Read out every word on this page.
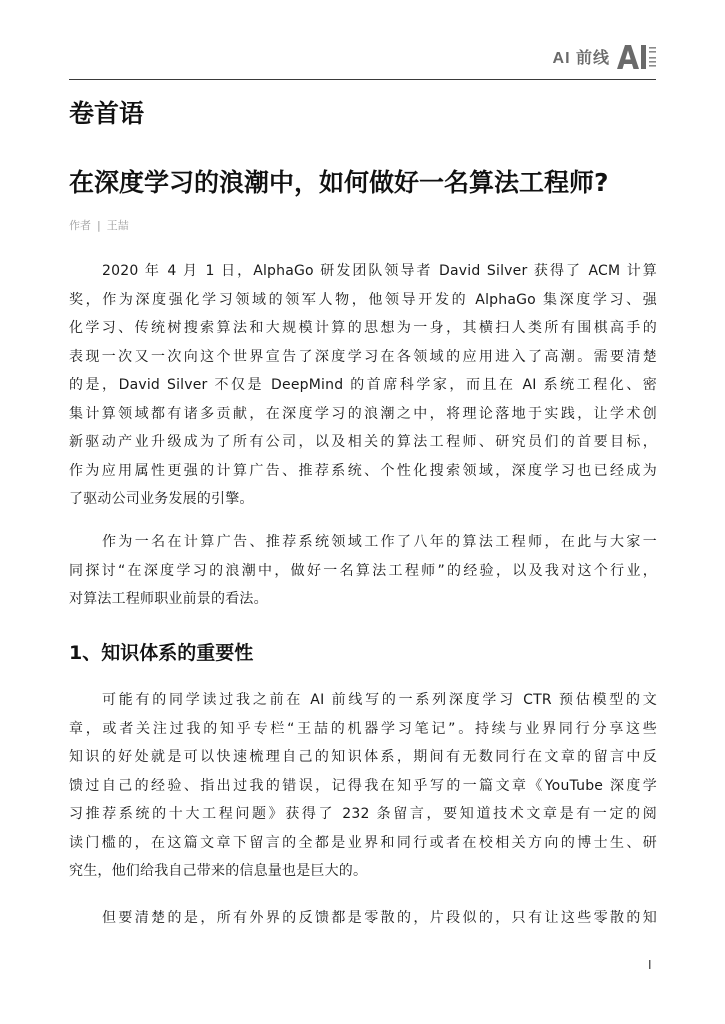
AI 前线
卷首语
在深度学习的浪潮中，如何做好一名算法工程师?
作者 | 王喆
2020 年 4 月 1 日，AlphaGo 研发团队领导者 David Silver 获得了 ACM 计算
奖，作为深度强化学习领域的领军人物，他领导开发的 AlphaGo 集深度学习、强
化学习、传统树搜索算法和大规模计算的思想为一身，其横扫人类所有围棋高手的
表现一次又一次向这个世界宣告了深度学习在各领域的应用进入了高潮。需要清楚
的是，David Silver 不仅是 DeepMind 的首席科学家，而且在 AI 系统工程化、密
集计算领域都有诸多贡献，在深度学习的浪潮之中，将理论落地于实践，让学术创
新驱动产业升级成为了所有公司，以及相关的算法工程师、研究员们的首要目标，
作为应用属性更强的计算广告、推荐系统、个性化搜索领域，深度学习也已经成为
了驱动公司业务发展的引擎。
作为一名在计算广告、推荐系统领域工作了八年的算法工程师，在此与大家一
同探讨“在深度学习的浪潮中，做好一名算法工程师”的经验，以及我对这个行业，
对算法工程师职业前景的看法。
1、知识体系的重要性
可能有的同学读过我之前在 AI 前线写的一系列深度学习 CTR 预估模型的文
章，或者关注过我的知乎专栏“王喆的机器学习笔记”。持续与业界同行分享这些
知识的好处就是可以快速梳理自己的知识体系，期间有无数同行在文章的留言中反
馈过自己的经验、指出过我的错误，记得我在知乎写的一篇文章《YouTube 深度学
习推荐系统的十大工程问题》获得了 232 条留言，要知道技术文章是有一定的阅
读门槛的，在这篇文章下留言的全都是业界和同行或者在校相关方向的博士生、研
究生，他们给我自己带来的信息量也是巨大的。
但要清楚的是，所有外界的反馈都是零散的，片段似的，只有让这些零散的知
I
